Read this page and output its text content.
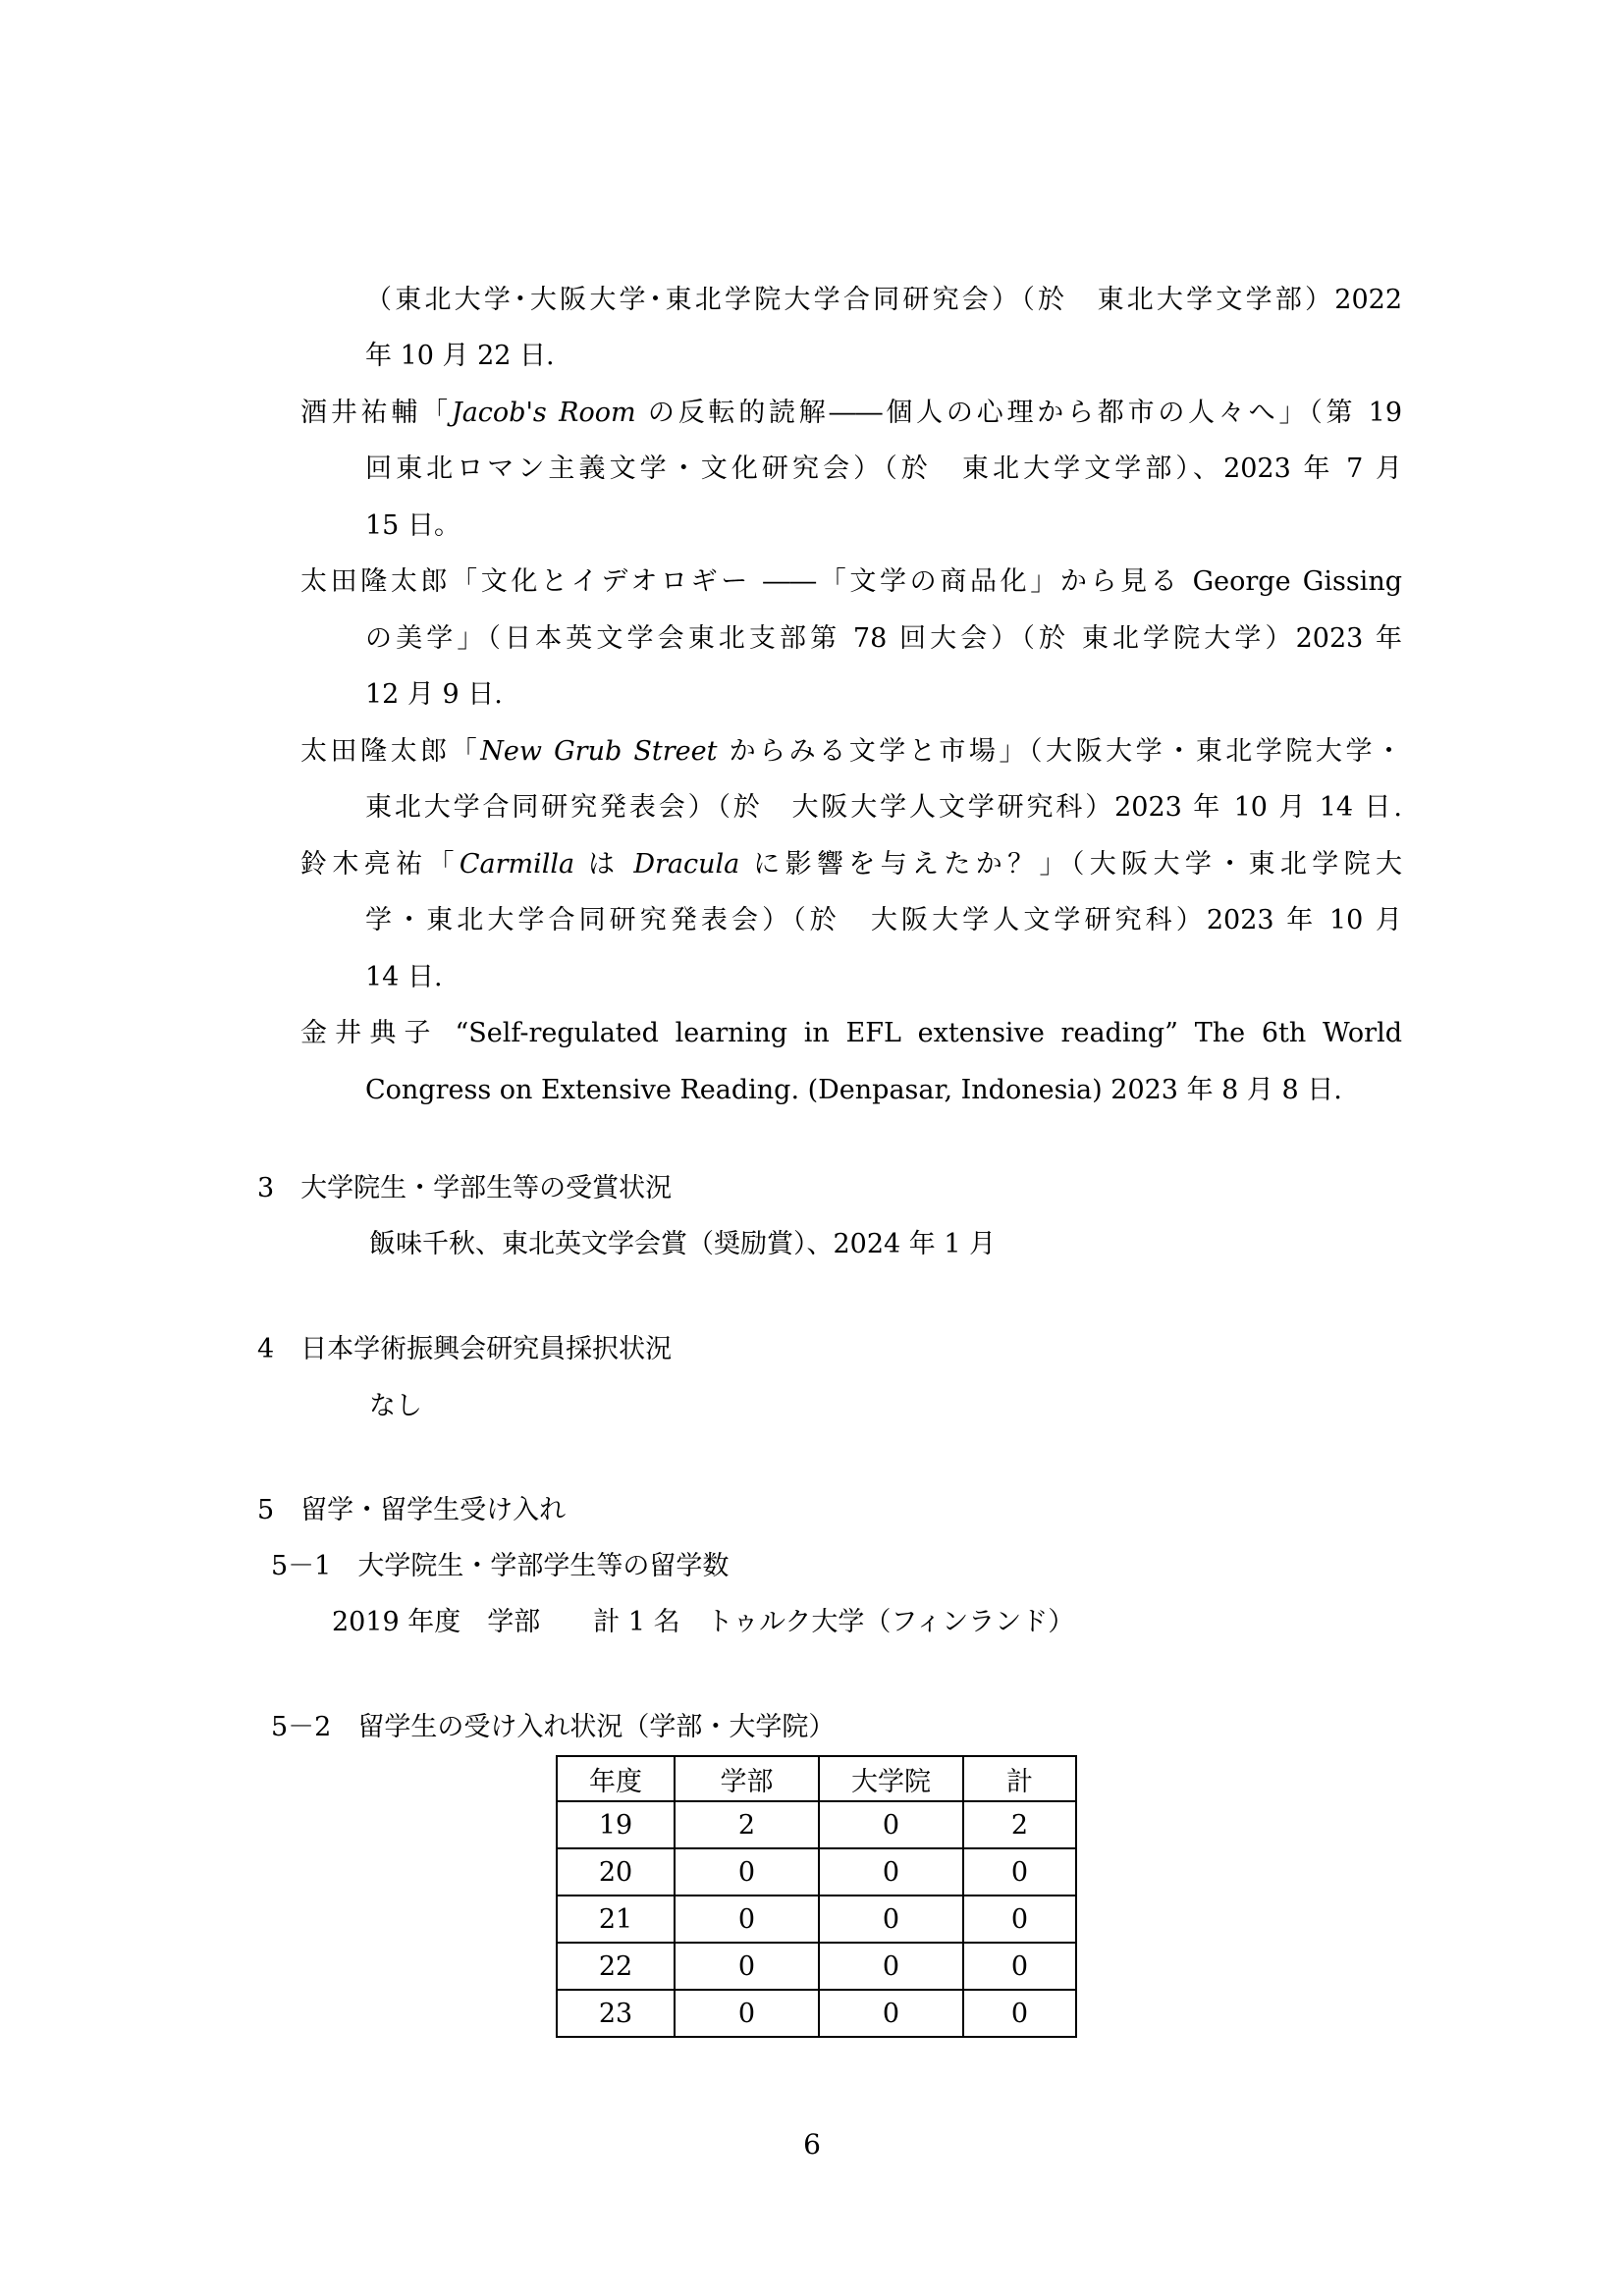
（東北大学･大阪大学･東北学院大学合同研究会）（於　東北大学文学部）2022
年 10 月 22 日.
酒井祐輔「Jacob's Room の反転的読解――個人の心理から都市の人々へ」（第 19
回東北ロマン主義文学・文化研究会）（於　東北大学文学部）、2023 年 7 月
15 日。
太田隆太郎「文化とイデオロギー ――「文学の商品化」から見る George Gissing
の美学」（日本英文学会東北支部第 78 回大会）（於 東北学院大学）2023 年
12 月 9 日.
太田隆太郎「New Grub Street からみる文学と市場」（大阪大学・東北学院大学・
東北大学合同研究発表会）（於　大阪大学人文学研究科）2023 年 10 月 14 日.
鈴木亮祐「Carmilla は Dracula に影響を与えたか？」（大阪大学・東北学院大
学・東北大学合同研究発表会）（於　大阪大学人文学研究科）2023 年 10 月
14 日.
金井典子 “Self-regulated learning in EFL extensive reading” The 6th World
Congress on Extensive Reading. (Denpasar, Indonesia) 2023 年 8 月 8 日.
3　大学院生・学部生等の受賞状況
飯味千秋、東北英文学会賞（奨励賞）、2024 年 1 月
4　日本学術振興会研究員採択状況
なし
5　留学・留学生受け入れ
5－1　大学院生・学部学生等の留学数
2019 年度　学部　　計 1 名　トゥルク大学（フィンランド）
5－2　留学生の受け入れ状況（学部・大学院）
年度	学部	大学院	計
19	2	0	2
20	0	0	0
21	0	0	0
22	0	0	0
23	0	0	0
6
